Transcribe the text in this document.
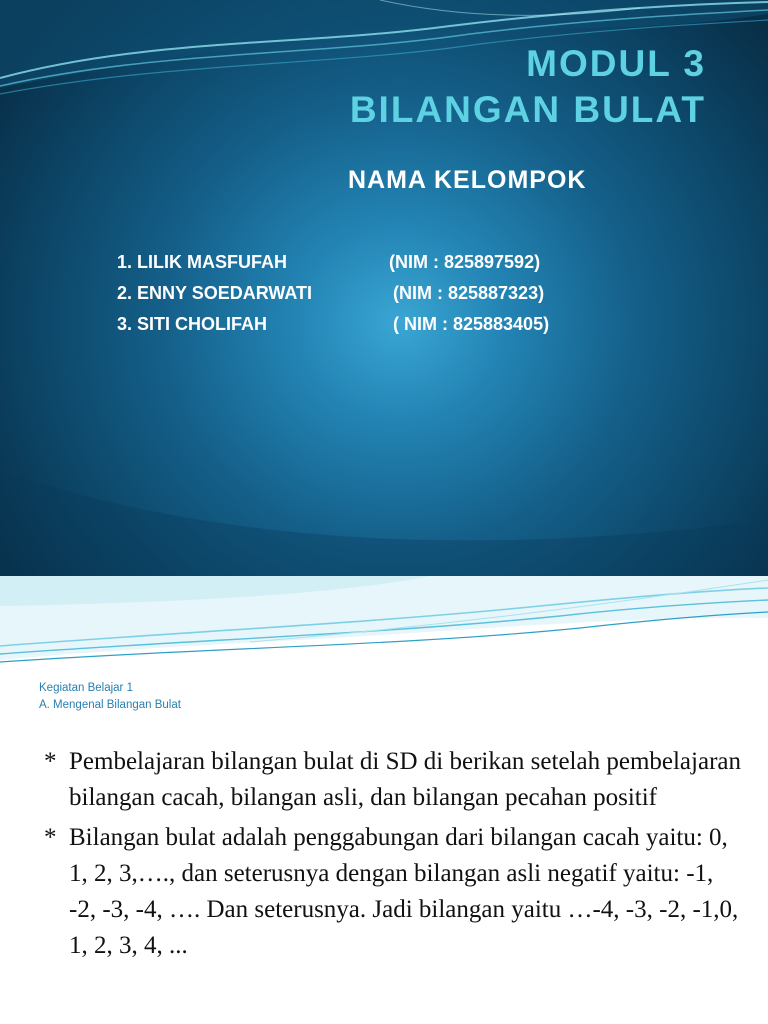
MODUL 3
BILANGAN BULAT
NAMA KELOMPOK
1. LILIK MASFUFAH	(NIM : 825897592)
2. ENNY SOEDARWATI	(NIM : 825887323)
3. SITI CHOLIFAH	( NIM : 825883405)
Kegiatan Belajar 1
A. Mengenal Bilangan Bulat
* Pembelajaran bilangan bulat di SD di berikan setelah pembelajaran bilangan cacah, bilangan asli, dan bilangan pecahan positif
* Bilangan bulat adalah penggabungan dari bilangan cacah yaitu: 0, 1, 2, 3,…., dan seterusnya dengan bilangan asli negatif yaitu: -1, -2, -3, -4, …. Dan seterusnya. Jadi bilangan yaitu …-4, -3, -2, -1,0, 1, 2, 3, 4, ...
